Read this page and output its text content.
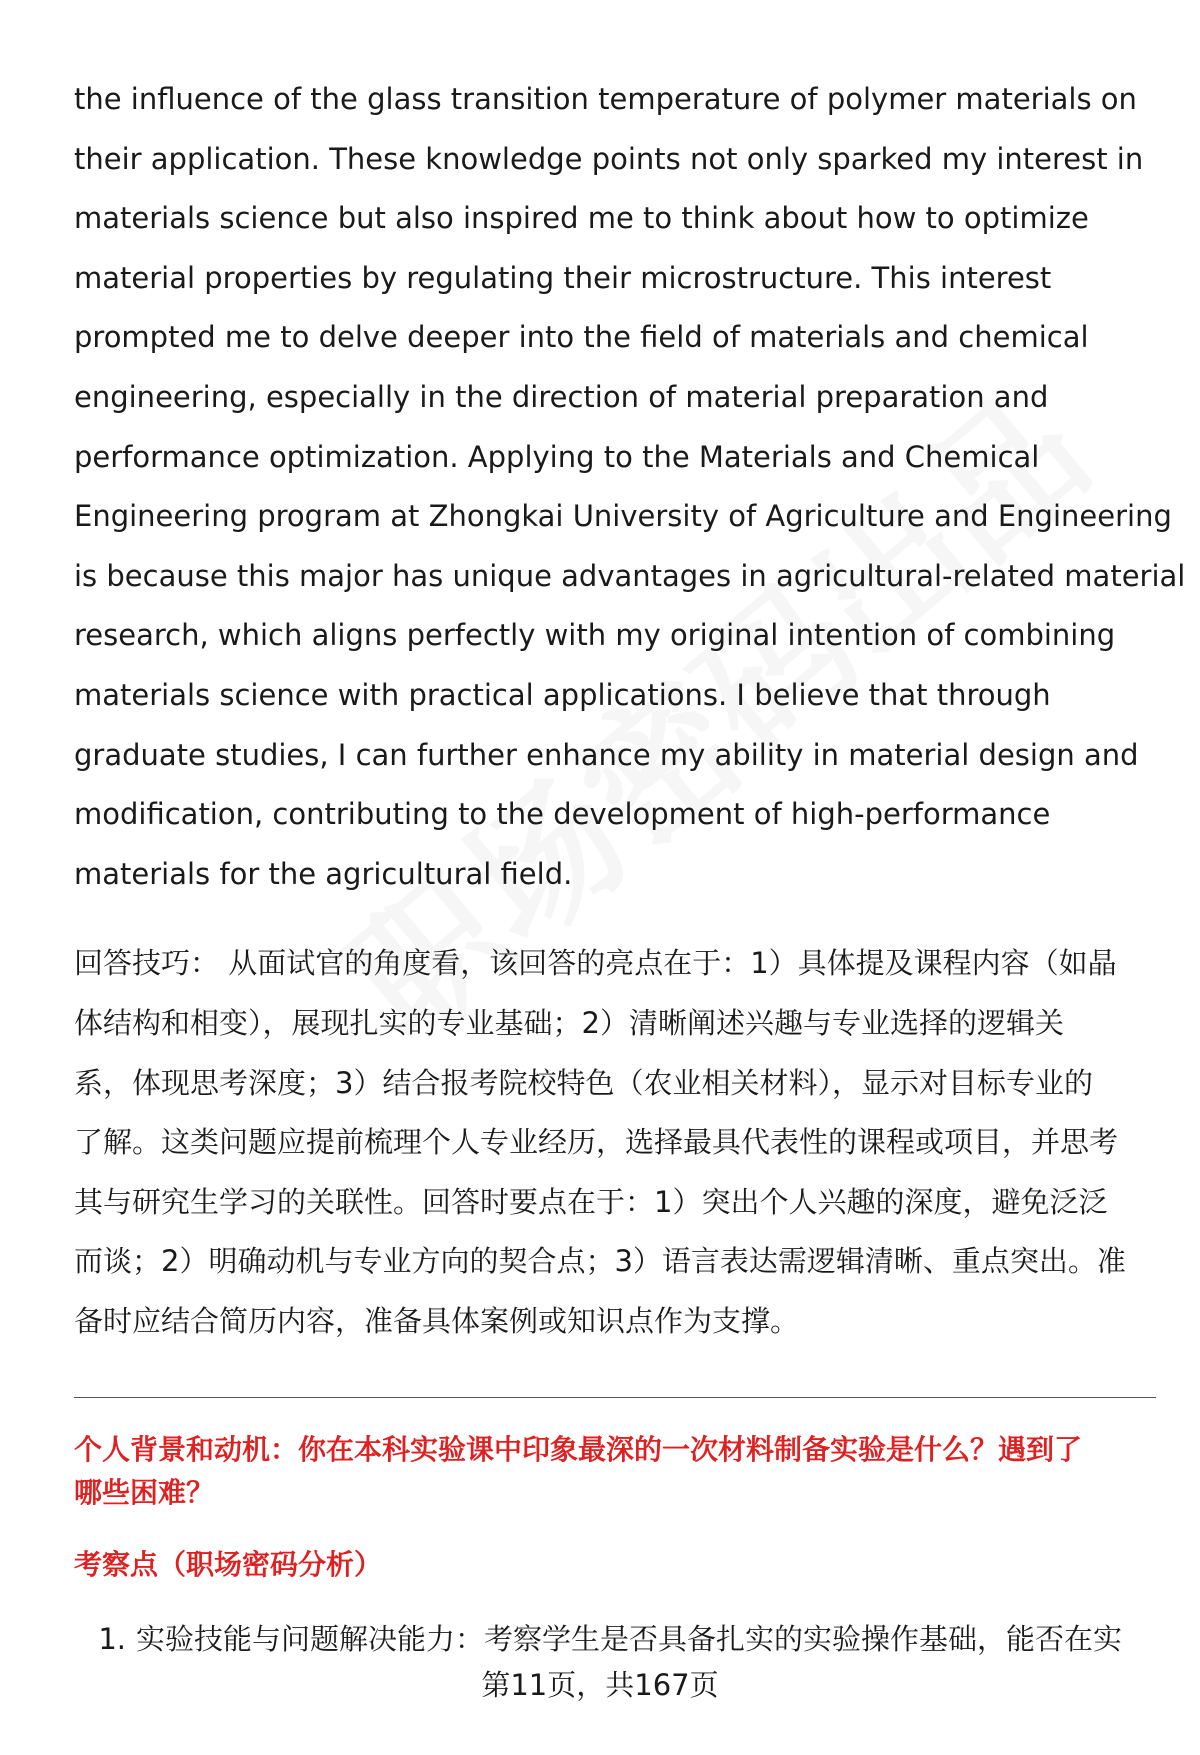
the influence of the glass transition temperature of polymer materials on
their application. These knowledge points not only sparked my interest in
materials science but also inspired me to think about how to optimize
material properties by regulating their microstructure. This interest
prompted me to delve deeper into the field of materials and chemical
engineering, especially in the direction of material preparation and
performance optimization. Applying to the Materials and Chemical
Engineering program at Zhongkai University of Agriculture and Engineering
is because this major has unique advantages in agricultural-related material
research, which aligns perfectly with my original intention of combining
materials science with practical applications. I believe that through
graduate studies, I can further enhance my ability in material design and
modification, contributing to the development of high-performance
materials for the agricultural field.

回答技巧： 从面试官的角度看，该回答的亮点在于：1）具体提及课程内容（如晶
体结构和相变），展现扎实的专业基础；2）清晰阐述兴趣与专业选择的逻辑关
系，体现思考深度；3）结合报考院校特色（农业相关材料），显示对目标专业的
了解。这类问题应提前梳理个人专业经历，选择最具代表性的课程或项目，并思考
其与研究生学习的关联性。回答时要点在于：1）突出个人兴趣的深度，避免泛泛
而谈；2）明确动机与专业方向的契合点；3）语言表达需逻辑清晰、重点突出。准
备时应结合简历内容，准备具体案例或知识点作为支撑。

个人背景和动机：你在本科实验课中印象最深的一次材料制备实验是什么？遇到了
哪些困难？
考察点（职场密码分析）
1. 实验技能与问题解决能力：考察学生是否具备扎实的实验操作基础，能否在实
第11页，共167页
